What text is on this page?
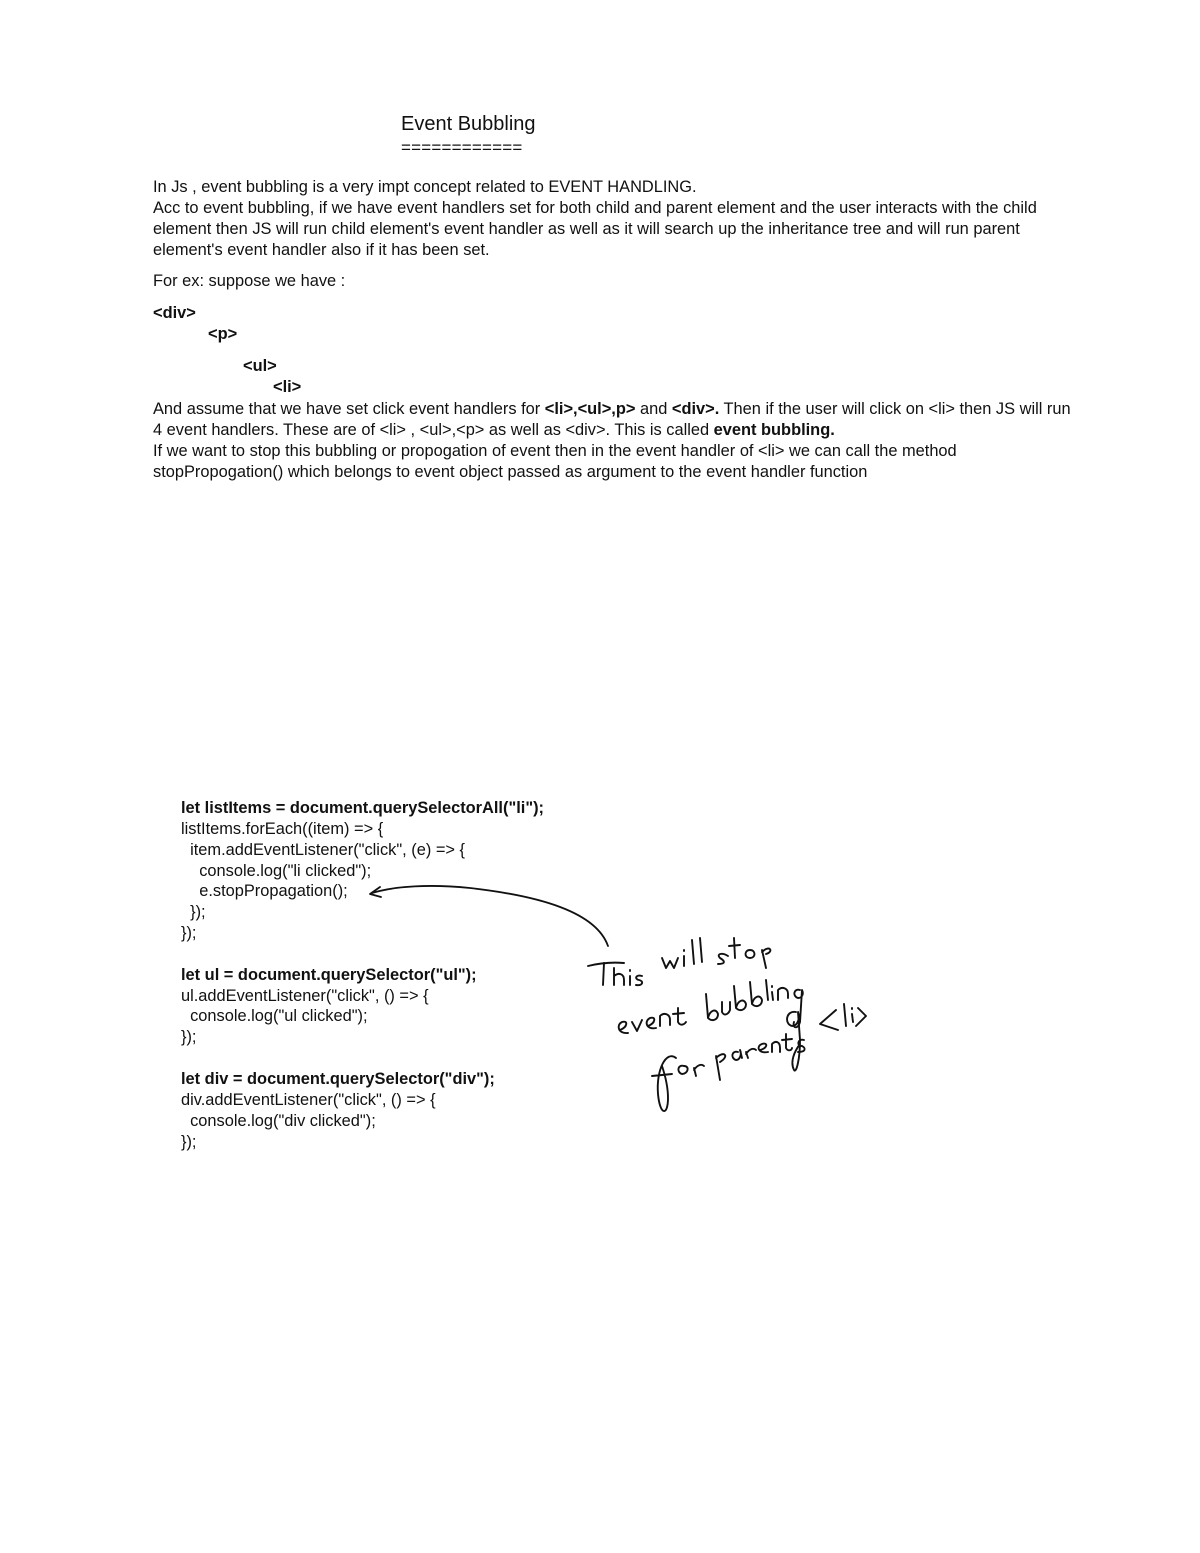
Event Bubbling
============
In Js , event bubbling is a very impt concept related to EVENT HANDLING.
Acc to event bubbling, if we have event handlers set for both child and parent element and the user interacts with the child element then JS will run child element's event handler as well as it will search up the inheritance tree and will run parent element's event handler also if it has been set.
For ex: suppose we have :
<div>
<p>
<ul>
<li>
And assume that we have set click event handlers for <li>,<ul>,p> and <div>. Then if the user will click on <li> then JS will run 4 event handlers. These are of <li> , <ul>,<p> as well as <div>. This is called event bubbling.
If we want to stop this bubbling or propogation of event then in the event handler of <li> we can call the method stopPropogation() which belongs to event object passed as argument to the event handler function
let listItems = document.querySelectorAll("li");
listItems.forEach((item) => {
item.addEventListener("click", (e) => {
console.log("li clicked");
e.stopPropagation();
});
});
let ul = document.querySelector("ul");
ul.addEventListener("click", () => {
console.log("ul clicked");
});
let div = document.querySelector("div");
div.addEventListener("click", () => {
console.log("div clicked");
});
